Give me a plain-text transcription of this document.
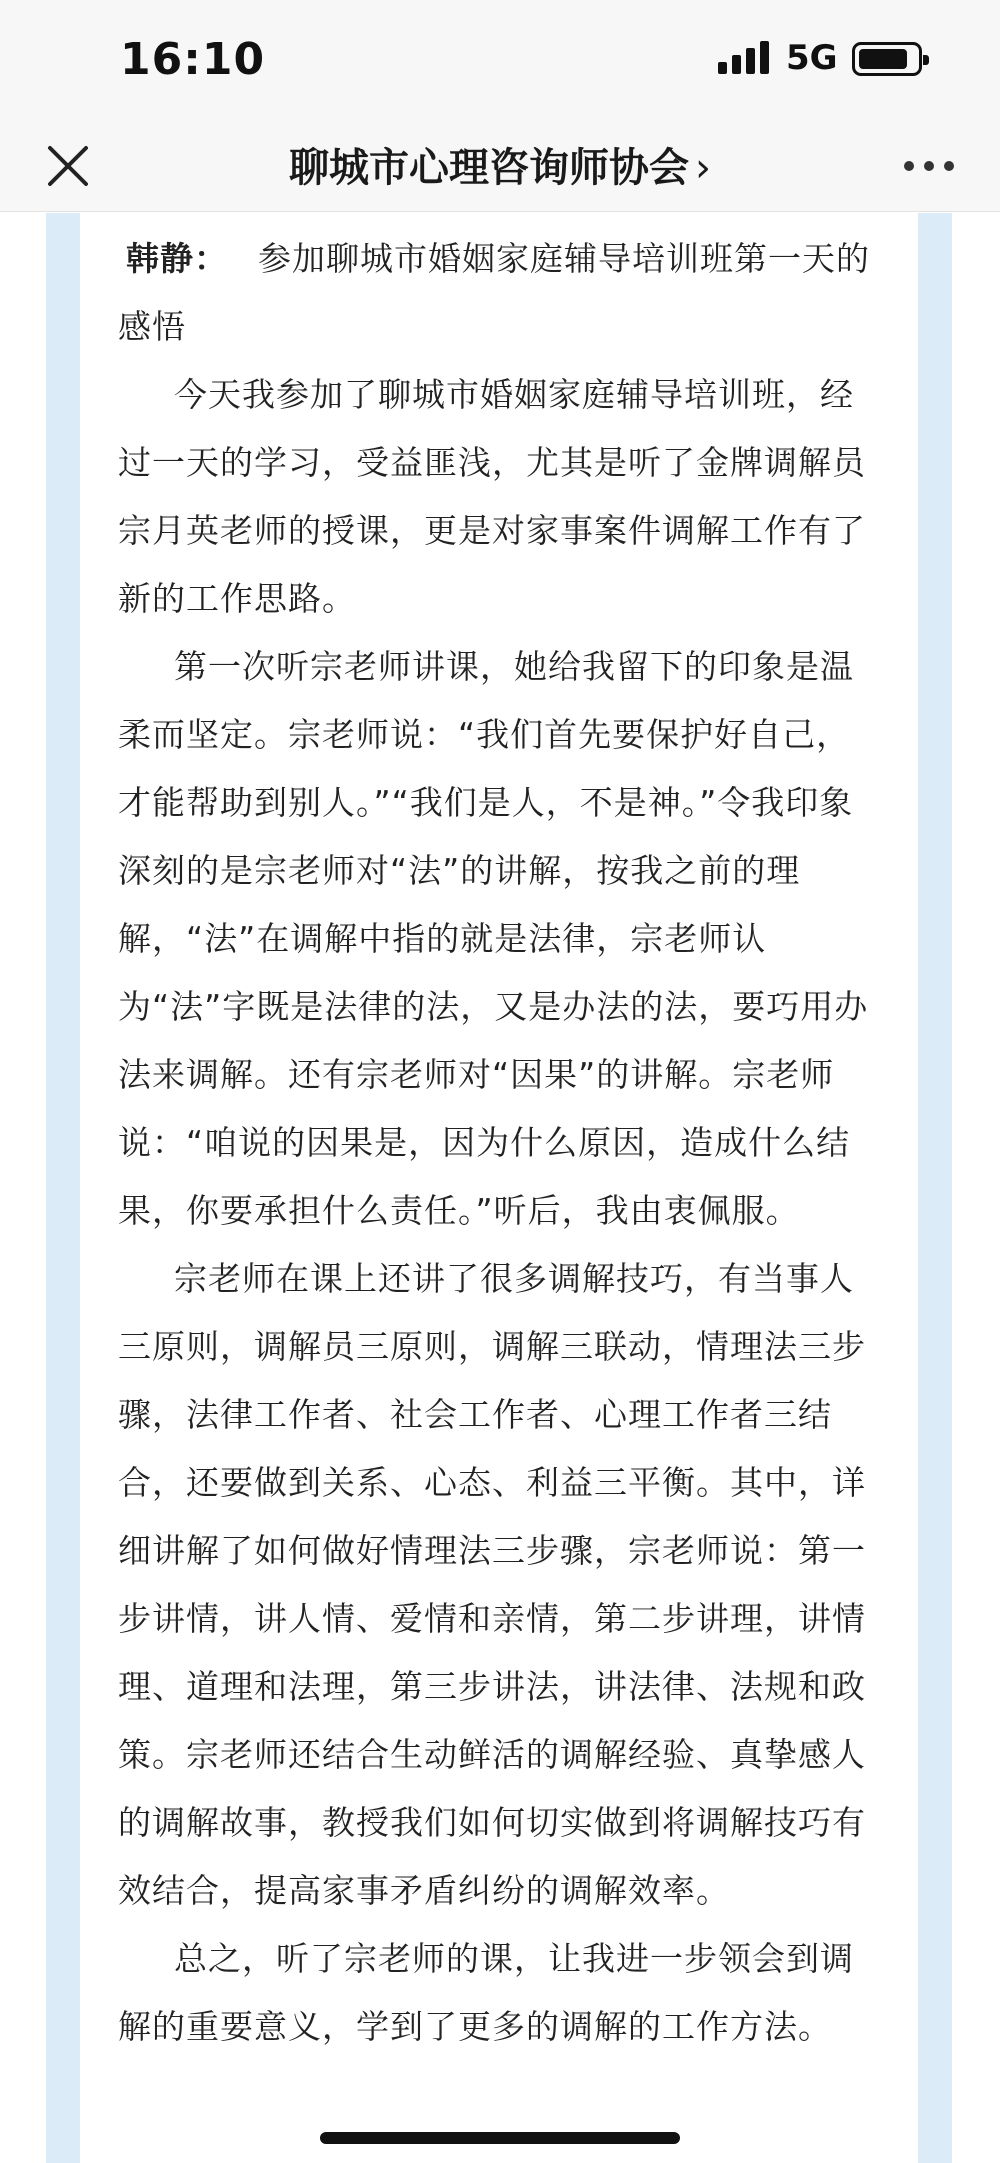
16:10	5G
聊城市心理咨询师协会 ›

韩静： 参加聊城市婚姻家庭辅导培训班第一天的感悟

今天我参加了聊城市婚姻家庭辅导培训班，经过一天的学习，受益匪浅，尤其是听了金牌调解员宗月英老师的授课，更是对家事案件调解工作有了新的工作思路。

第一次听宗老师讲课，她给我留下的印象是温柔而坚定。宗老师说：“我们首先要保护好自己，才能帮助到别人。”“我们是人，不是神。”令我印象深刻的是宗老师对“法”的讲解，按我之前的理解，“法”在调解中指的就是法律，宗老师认为“法”字既是法律的法，又是办法的法，要巧用办法来调解。还有宗老师对“因果”的讲解。宗老师说：“咱说的因果是，因为什么原因，造成什么结果，你要承担什么责任。”听后，我由衷佩服。

宗老师在课上还讲了很多调解技巧，有当事人三原则，调解员三原则，调解三联动，情理法三步骤，法律工作者、社会工作者、心理工作者三结合，还要做到关系、心态、利益三平衡。其中，详细讲解了如何做好情理法三步骤，宗老师说：第一步讲情，讲人情、爱情和亲情，第二步讲理，讲情理、道理和法理，第三步讲法，讲法律、法规和政策。宗老师还结合生动鲜活的调解经验、真挚感人的调解故事，教授我们如何切实做到将调解技巧有效结合，提高家事矛盾纠纷的调解效率。

总之，听了宗老师的课，让我进一步领会到调解的重要意义，学到了更多的调解的工作方法。
